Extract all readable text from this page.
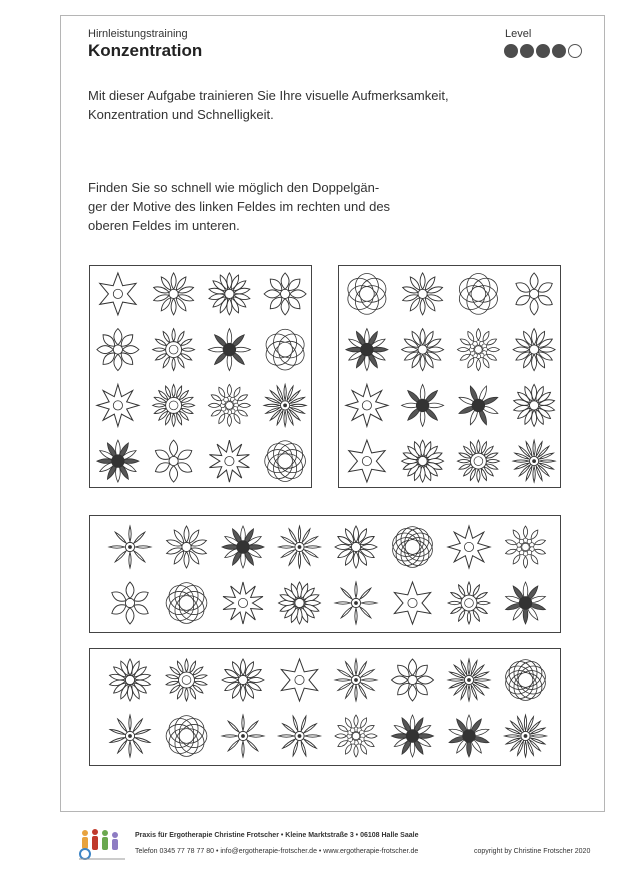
Hirnleistungstraining
Konzentration
Level
Mit dieser Aufgabe trainieren Sie Ihre visuelle Aufmerksamkeit,
Konzentration und Schnelligkeit.
Finden Sie so schnell wie möglich den Doppelgän-
ger der Motive des linken Feldes im rechten und des
oberen Feldes im unteren.
Praxis für Ergotherapie Christine Frotscher • Kleine Marktstraße 3 • 06108 Halle Saale
Telefon 0345 77 78 77 80 • info@ergotherapie-frotscher.de • www.ergotherapie-frotscher.de	copyright by Christine Frotscher 2020
